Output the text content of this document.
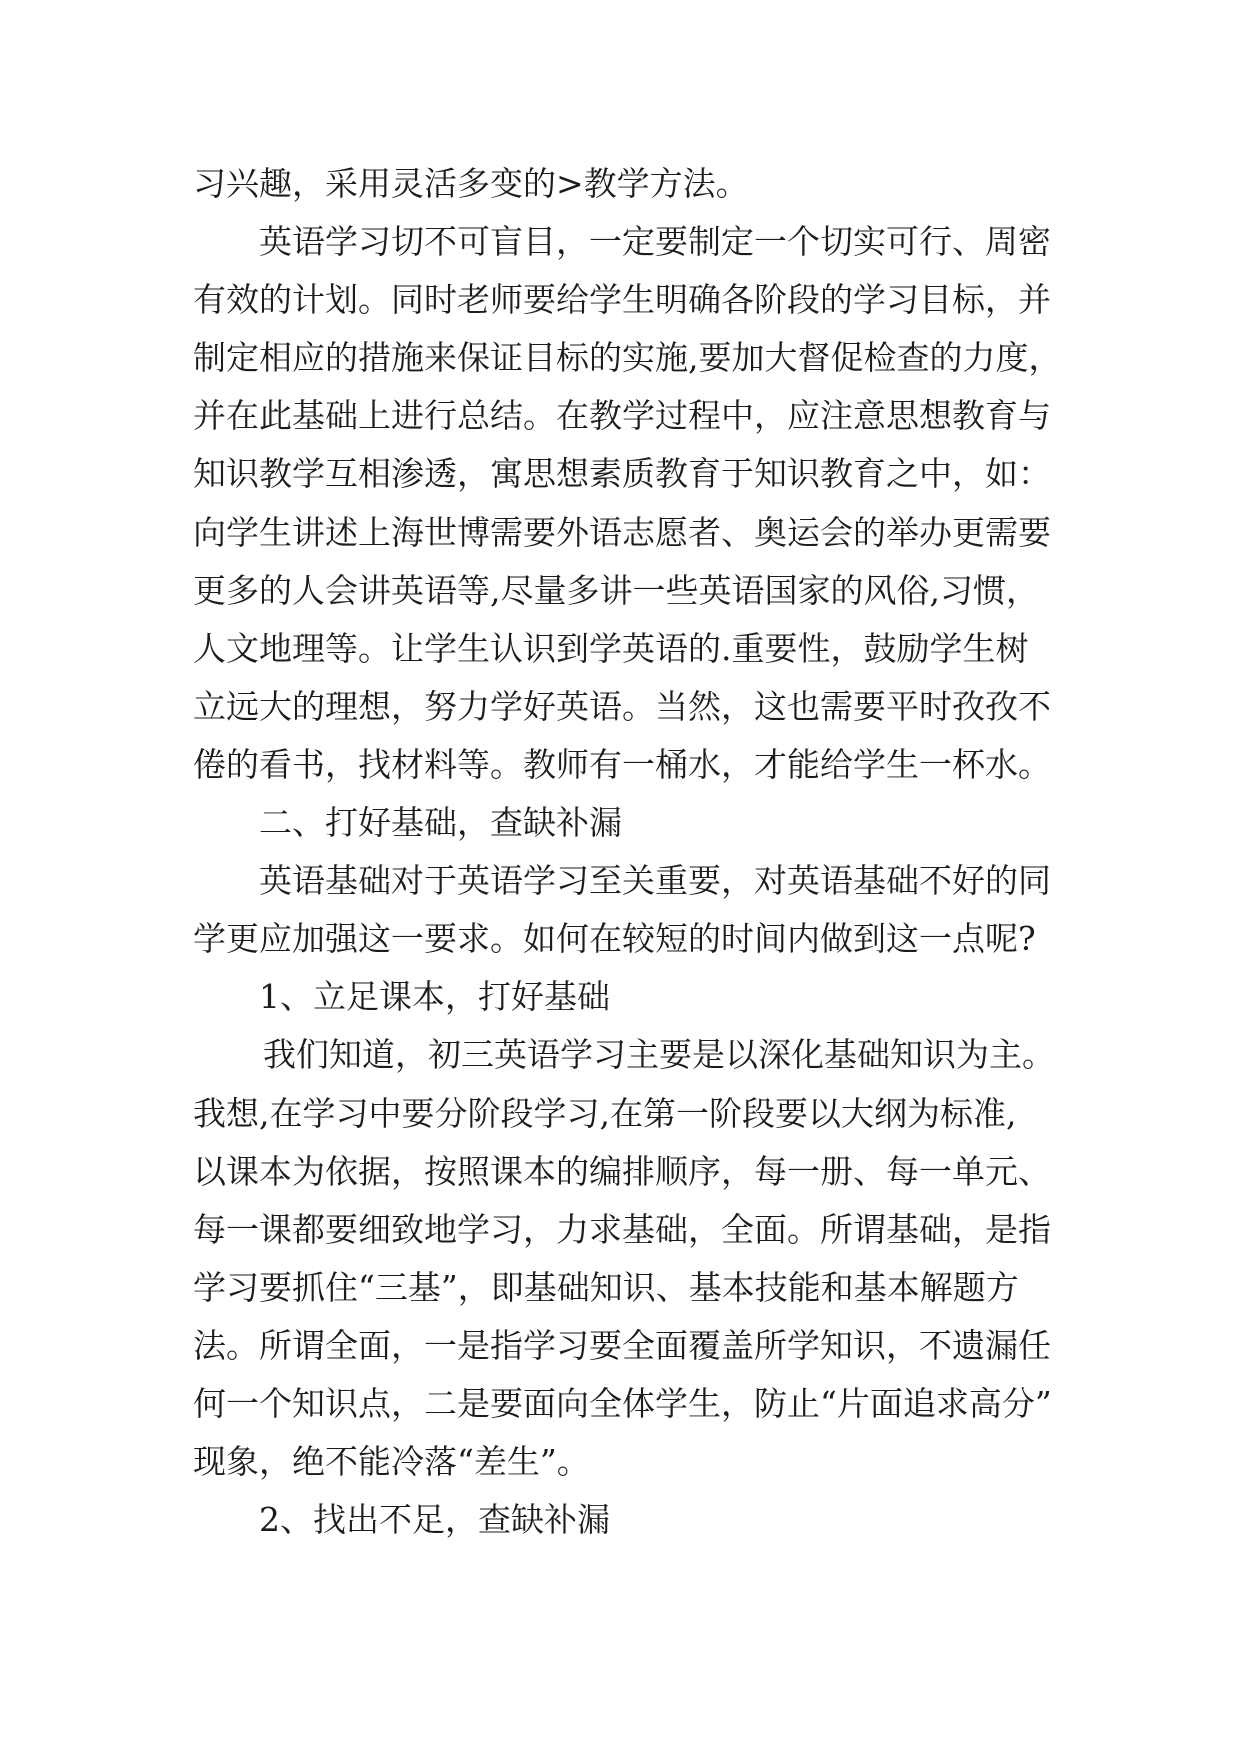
习兴趣，采用灵活多变的>教学方法。
英语学习切不可盲目，一定要制定一个切实可行、周密
有效的计划。同时老师要给学生明确各阶段的学习目标，并
制定相应的措施来保证目标的实施,要加大督促检查的力度，
并在此基础上进行总结。在教学过程中，应注意思想教育与
知识教学互相渗透，寓思想素质教育于知识教育之中，如：
向学生讲述上海世博需要外语志愿者、奥运会的举办更需要
更多的人会讲英语等,尽量多讲一些英语国家的风俗,习惯，
人文地理等。让学生认识到学英语的.重要性，鼓励学生树
立远大的理想，努力学好英语。当然，这也需要平时孜孜不
倦的看书，找材料等。教师有一桶水，才能给学生一杯水。
二、打好基础，查缺补漏
英语基础对于英语学习至关重要，对英语基础不好的同
学更应加强这一要求。如何在较短的时间内做到这一点呢?
1、立足课本，打好基础
我们知道，初三英语学习主要是以深化基础知识为主。
我想,在学习中要分阶段学习,在第一阶段要以大纲为标准,
以课本为依据，按照课本的编排顺序，每一册、每一单元、
每一课都要细致地学习，力求基础，全面。所谓基础，是指
学习要抓住“三基”，即基础知识、基本技能和基本解题方
法。所谓全面，一是指学习要全面覆盖所学知识，不遗漏任
何一个知识点，二是要面向全体学生，防止“片面追求高分”
现象，绝不能冷落“差生”。
2、找出不足，查缺补漏
